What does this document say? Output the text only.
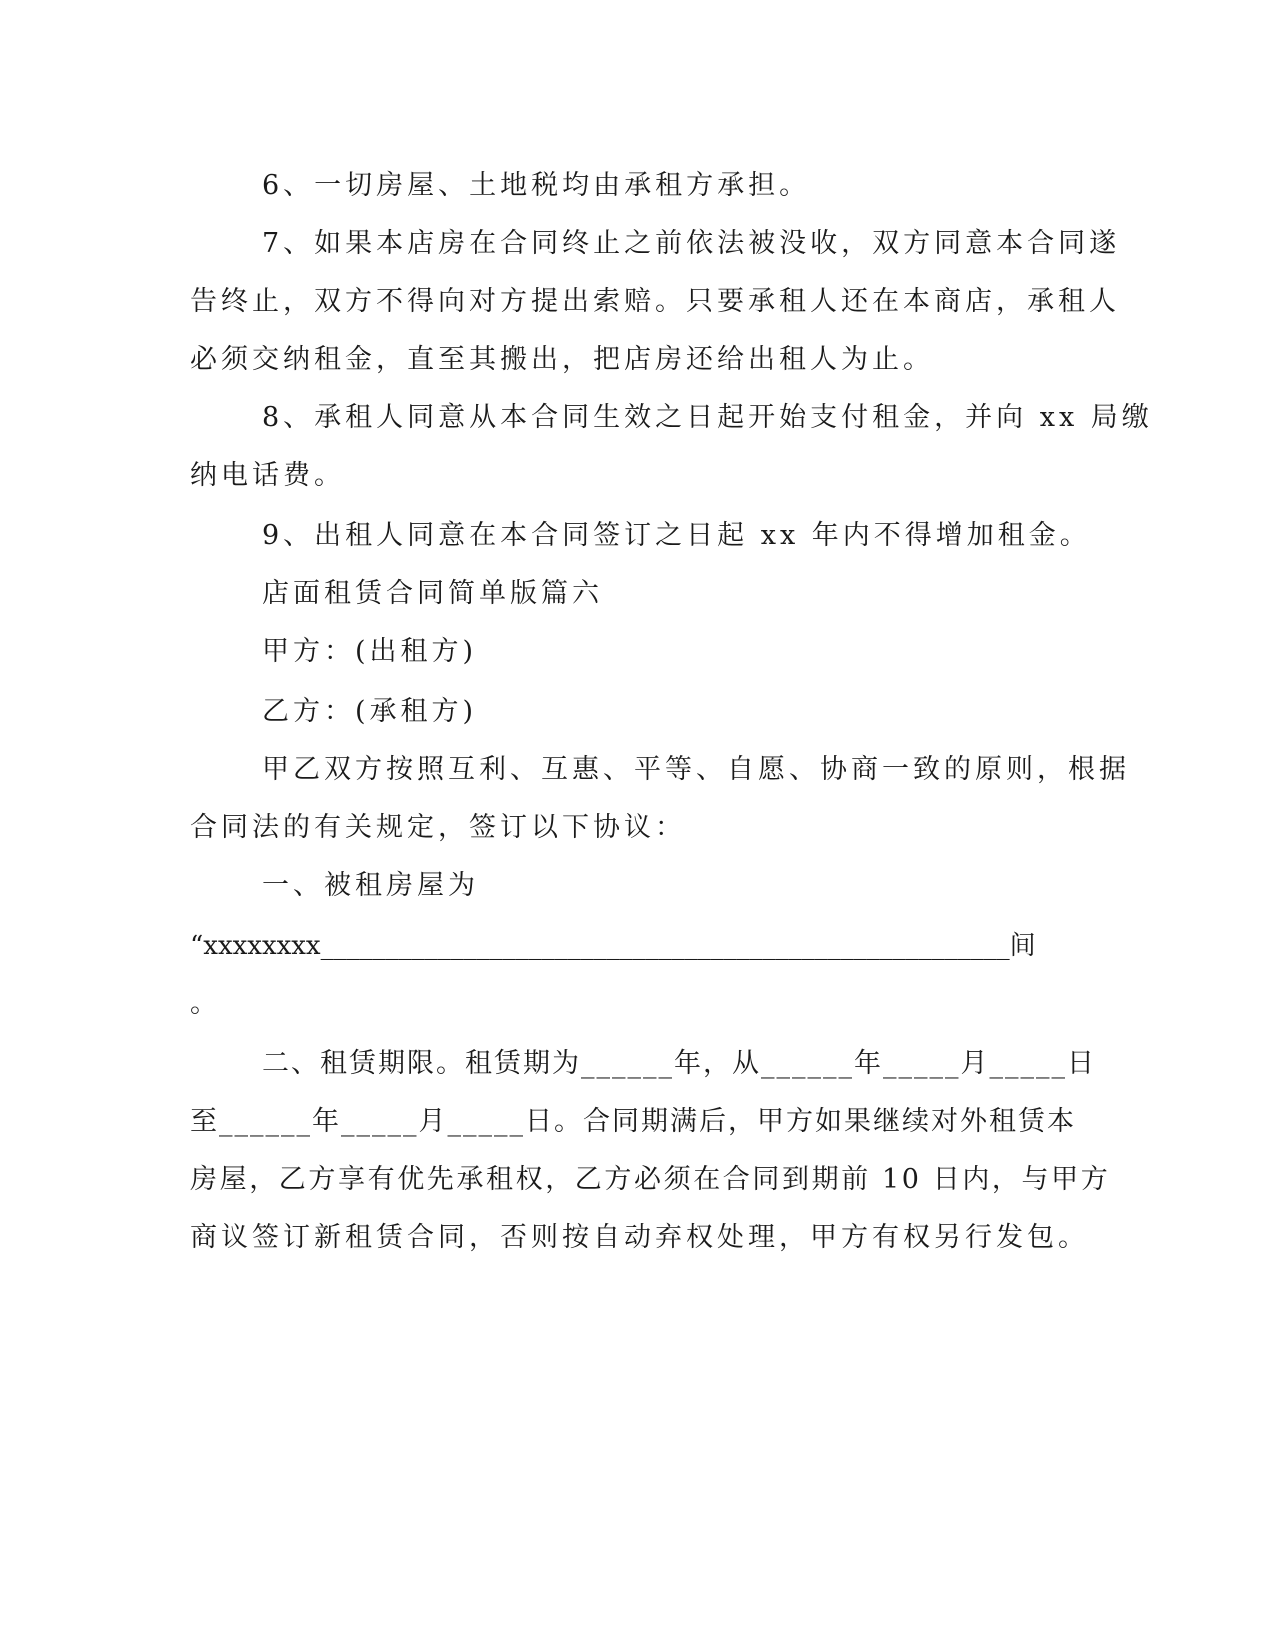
6、一切房屋、土地税均由承租方承担。
7、如果本店房在合同终止之前依法被没收，双方同意本合同遂
告终止，双方不得向对方提出索赔。只要承租人还在本商店，承租人
必须交纳租金，直至其搬出，把店房还给出租人为止。
8、承租人同意从本合同生效之日起开始支付租金，并向 xx 局缴
纳电话费。
9、出租人同意在本合同签订之日起 xx 年内不得增加租金。
店面租赁合同简单版篇六
甲方：(出租方)
乙方：(承租方)
甲乙双方按照互利、互惠、平等、自愿、协商一致的原则，根据
合同法的有关规定，签订以下协议：
一、被租房屋为
“xxxxxxxx_____________________________________________________间
。
二、租赁期限。租赁期为______年，从______年_____月_____日
至______年_____月_____日。合同期满后，甲方如果继续对外租赁本
房屋，乙方享有优先承租权，乙方必须在合同到期前 10 日内，与甲方
商议签订新租赁合同，否则按自动弃权处理，甲方有权另行发包。
